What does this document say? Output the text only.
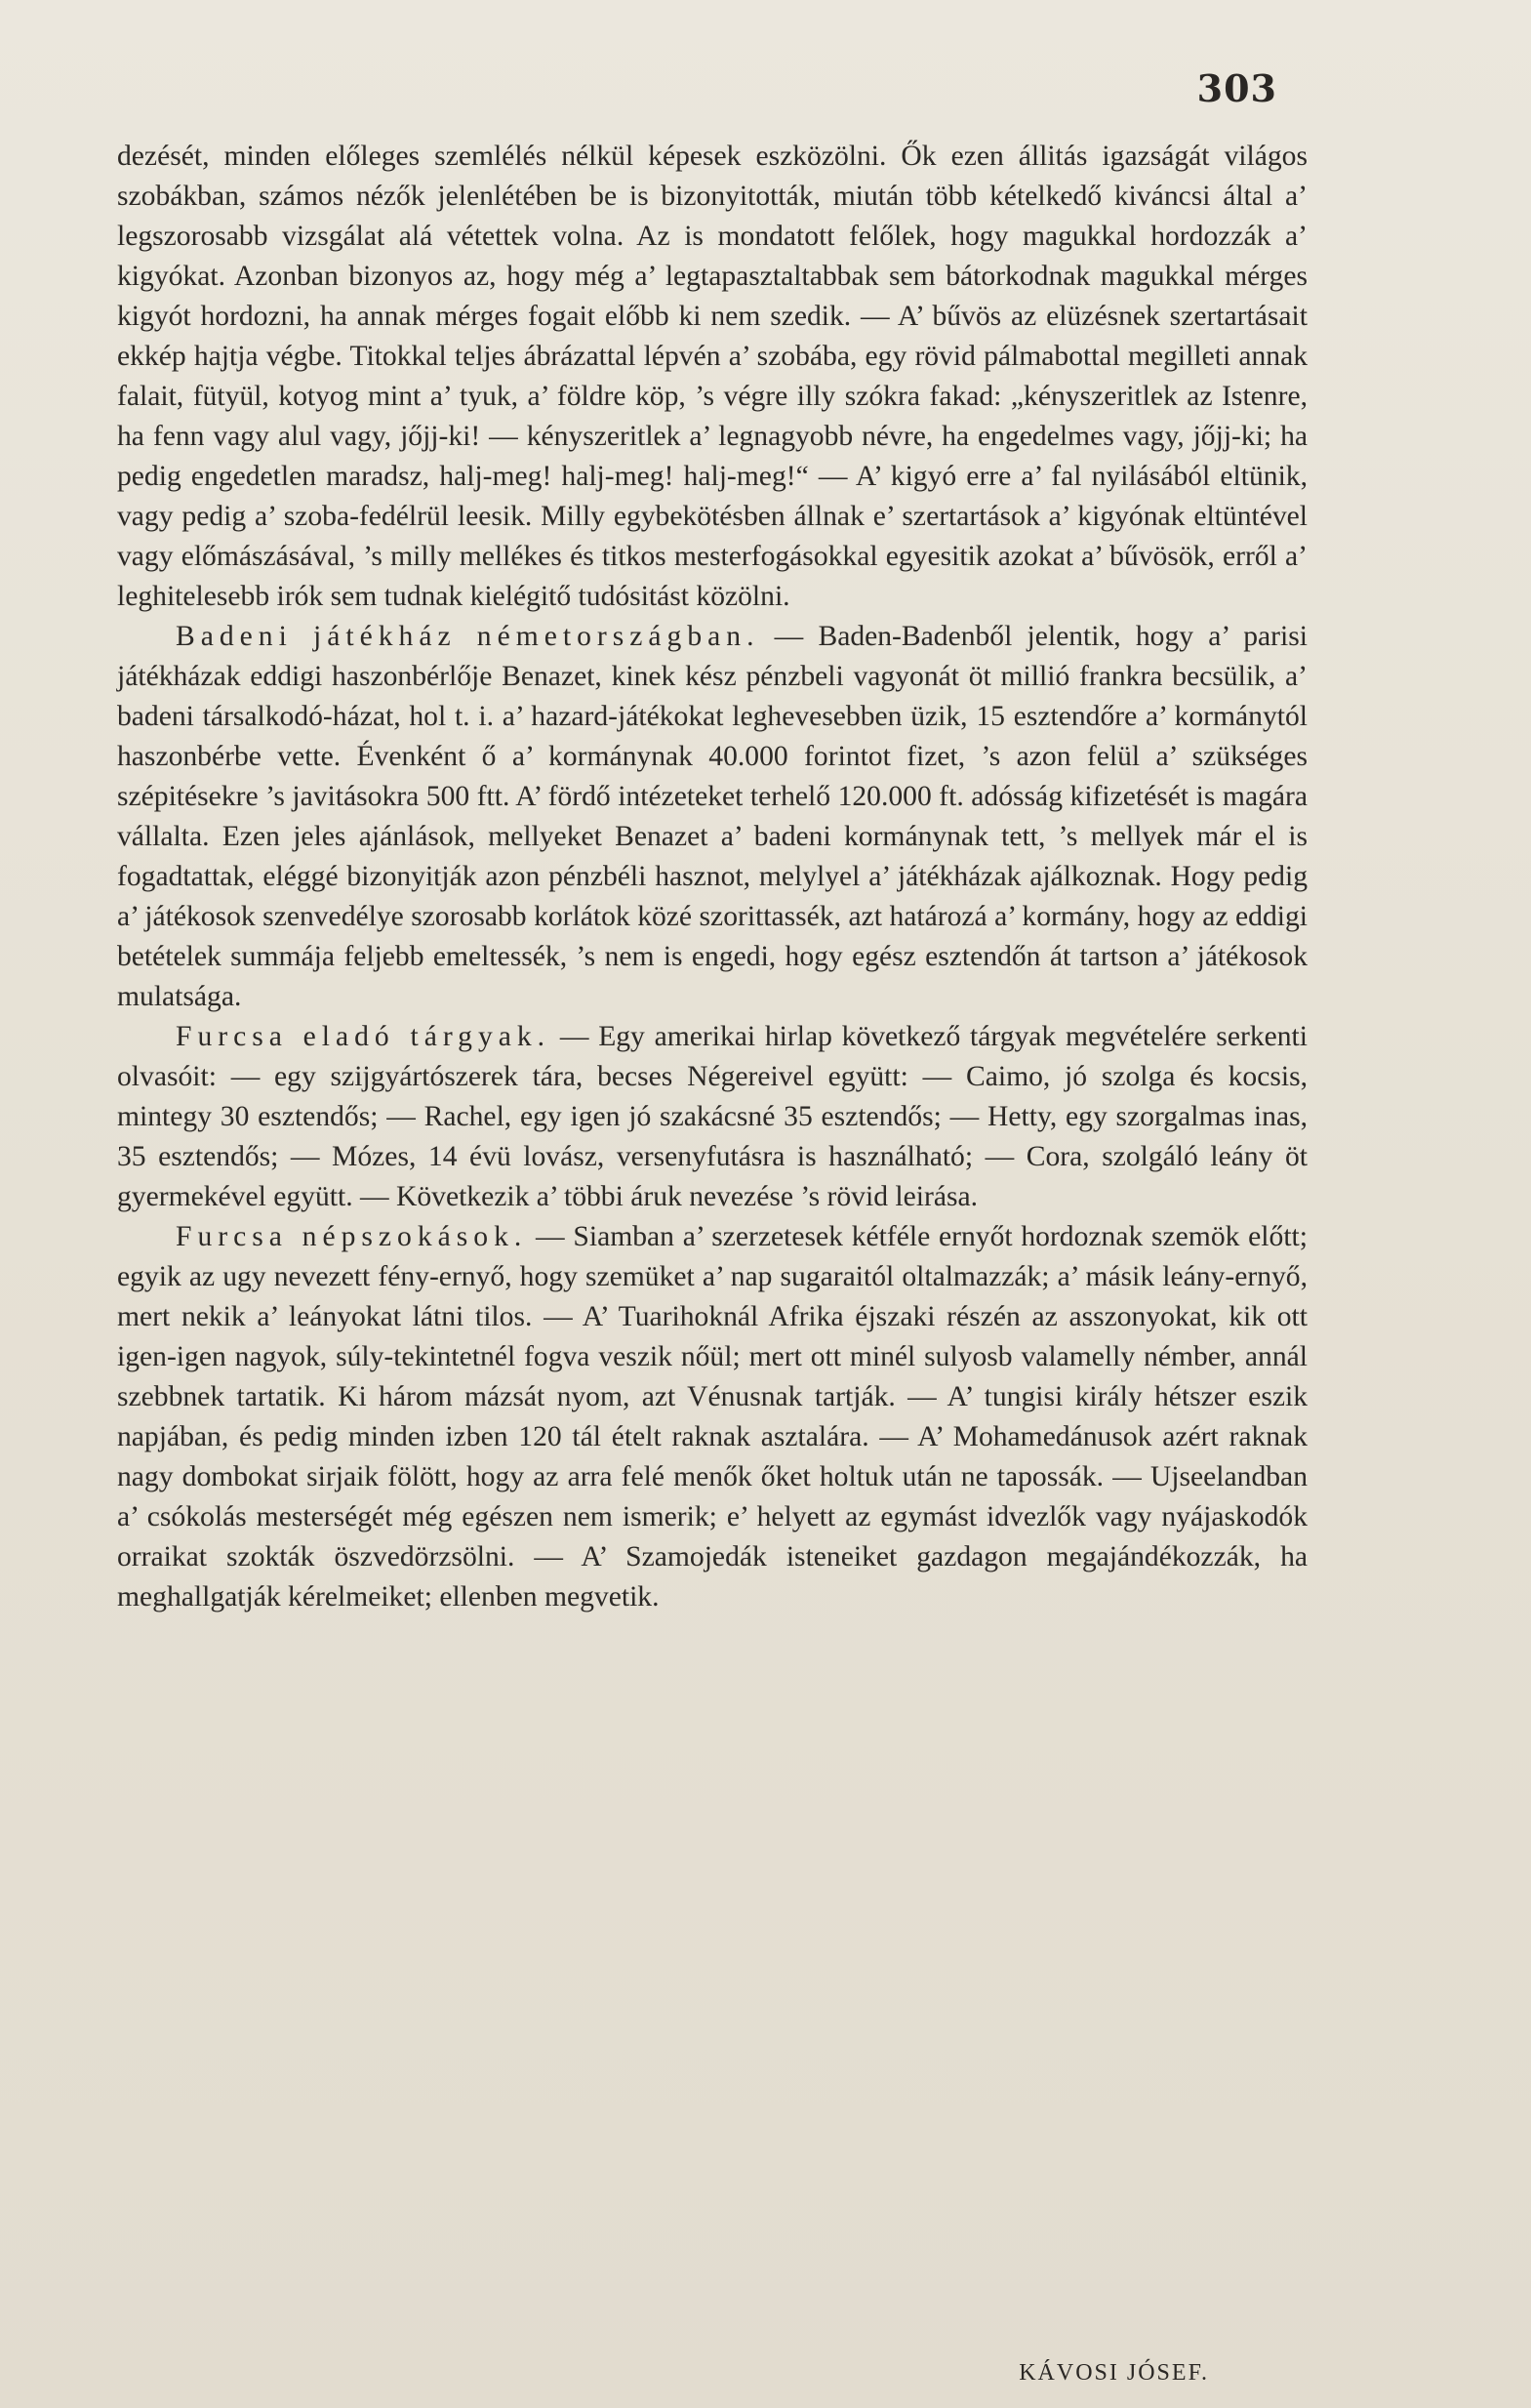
303

dezését, minden előleges szemlélés nélkül képesek eszközölni. Ők ezen állitás igazságát világos szobákban, számos nézők jelenlétében be is bizonyitották, miután több kételkedő kiváncsi által a’ legszorosabb vizsgálat alá vétettek volna. Az is mondatott felőlek, hogy magukkal hordozzák a’ kigyókat. Azonban bizonyos az, hogy még a’ legtapasztaltabbak sem bátorkodnak magukkal mérges kigyót hordozni, ha annak mérges fogait előbb ki nem szedik. — A’ bűvös az elüzésnek szertartásait ekkép hajtja végbe. Titokkal teljes ábrázattal lépvén a’ szobába, egy rövid pálmabottal megilleti annak falait, fütyül, kotyog mint a’ tyuk, a’ földre köp, ’s végre illy szókra fakad: „kényszeritlek az Istenre, ha fenn vagy alul vagy, jőjj-ki! — kényszeritlek a’ legnagyobb névre, ha engedelmes vagy, jőjj-ki; ha pedig engedetlen maradsz, halj-meg! halj-meg! halj-meg!“ — A’ kigyó erre a’ fal nyilásából eltünik, vagy pedig a’ szoba-fedélrül leesik. Milly egybekötésben állnak e’ szertartások a’ kigyónak eltüntével vagy előmászásával, ’s milly mellékes és titkos mesterfogásokkal egyesitik azokat a’ bűvösök, erről a’ leghitelesebb irók sem tudnak kielégitő tudósitást közölni.

Badeni játékház németországban. — Baden-Badenből jelentik, hogy a’ parisi játékházak eddigi haszonbérlője Benazet, kinek kész pénzbeli vagyonát öt millió frankra becsülik, a’ badeni társalkodó-házat, hol t. i. a’ hazard-játékokat leghevesebben üzik, 15 esztendőre a’ kormánytól haszonbérbe vette. Évenként ő a’ kormánynak 40.000 forintot fizet, ’s azon felül a’ szükséges szépitésekre ’s javitásokra 500 ftt. A’ fördő intézeteket terhelő 120.000 ft. adósság kifizetését is magára vállalta. Ezen jeles ajánlások, mellyeket Benazet a’ badeni kormánynak tett, ’s mellyek már el is fogadtattak, eléggé bizonyitják azon pénzbéli hasznot, melylyel a’ játékházak ajálkoznak. Hogy pedig a’ játékosok szenvedélye szorosabb korlátok közé szorittassék, azt határozá a’ kormány, hogy az eddigi betételek summája feljebb emeltessék, ’s nem is engedi, hogy egész esztendőn át tartson a’ játékosok mulatsága.

Furcsa eladó tárgyak. — Egy amerikai hirlap következő tárgyak megvételére serkenti olvasóit: — egy szijgyártószerek tára, becses Négereivel együtt: — Caimo, jó szolga és kocsis, mintegy 30 esztendős; — Rachel, egy igen jó szakácsné 35 esztendős; — Hetty, egy szorgalmas inas, 35 esztendős; — Mózes, 14 évü lovász, versenyfutásra is használható; — Cora, szolgáló leány öt gyermekével együtt. — Következik a’ többi áruk nevezése ’s rövid leirása.

Furcsa népszokások. — Siamban a’ szerzetesek kétféle ernyőt hordoznak szemök előtt; egyik az ugy nevezett fény-ernyő, hogy szemüket a’ nap sugaraitól oltalmazzák; a’ másik leány-ernyő, mert nekik a’ leányokat látni tilos. — A’ Tuarihoknál Afrika éjszaki részén az asszonyokat, kik ott igen-igen nagyok, súly-tekintetnél fogva veszik nőül; mert ott minél sulyosb valamelly némber, annál szebbnek tartatik. Ki három mázsát nyom, azt Vénusnak tartják. — A’ tungisi király hétszer eszik napjában, és pedig minden izben 120 tál ételt raknak asztalára. — A’ Mohamedánusok azért raknak nagy dombokat sirjaik fölött, hogy az arra felé menők őket holtuk után ne tapossák. — Ujseelandban a’ csókolás mesterségét még egészen nem ismerik; e’ helyett az egymást idvezlők vagy nyájaskodók orraikat szokták öszvedörzsölni. — A’ Szamojedák isteneiket gazdagon megajándékozzák, ha meghallgatják kérelmeiket; ellenben megvetik.

KÁVOSI JÓSEF.
